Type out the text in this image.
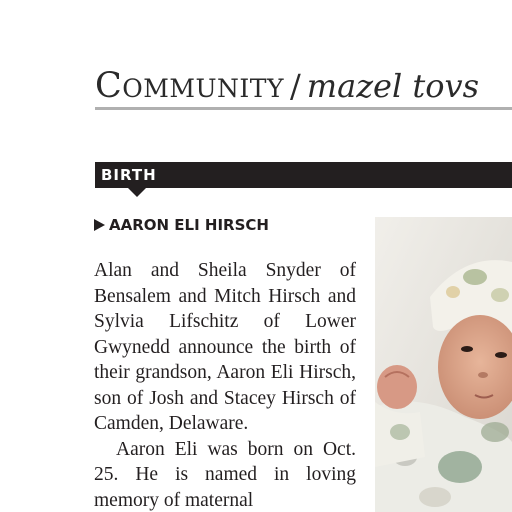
Community / mazel tovs
BIRTH
AARON ELI HIRSCH

Alan and Sheila Snyder of Bensalem and Mitch Hirsch and Sylvia Lifschitz of Lower Gwynedd announce the birth of their grandson, Aaron Eli Hirsch, son of Josh and Stacey Hirsch of Camden, Delaware.

Aaron Eli was born on Oct. 25. He is named in loving memory of maternal
